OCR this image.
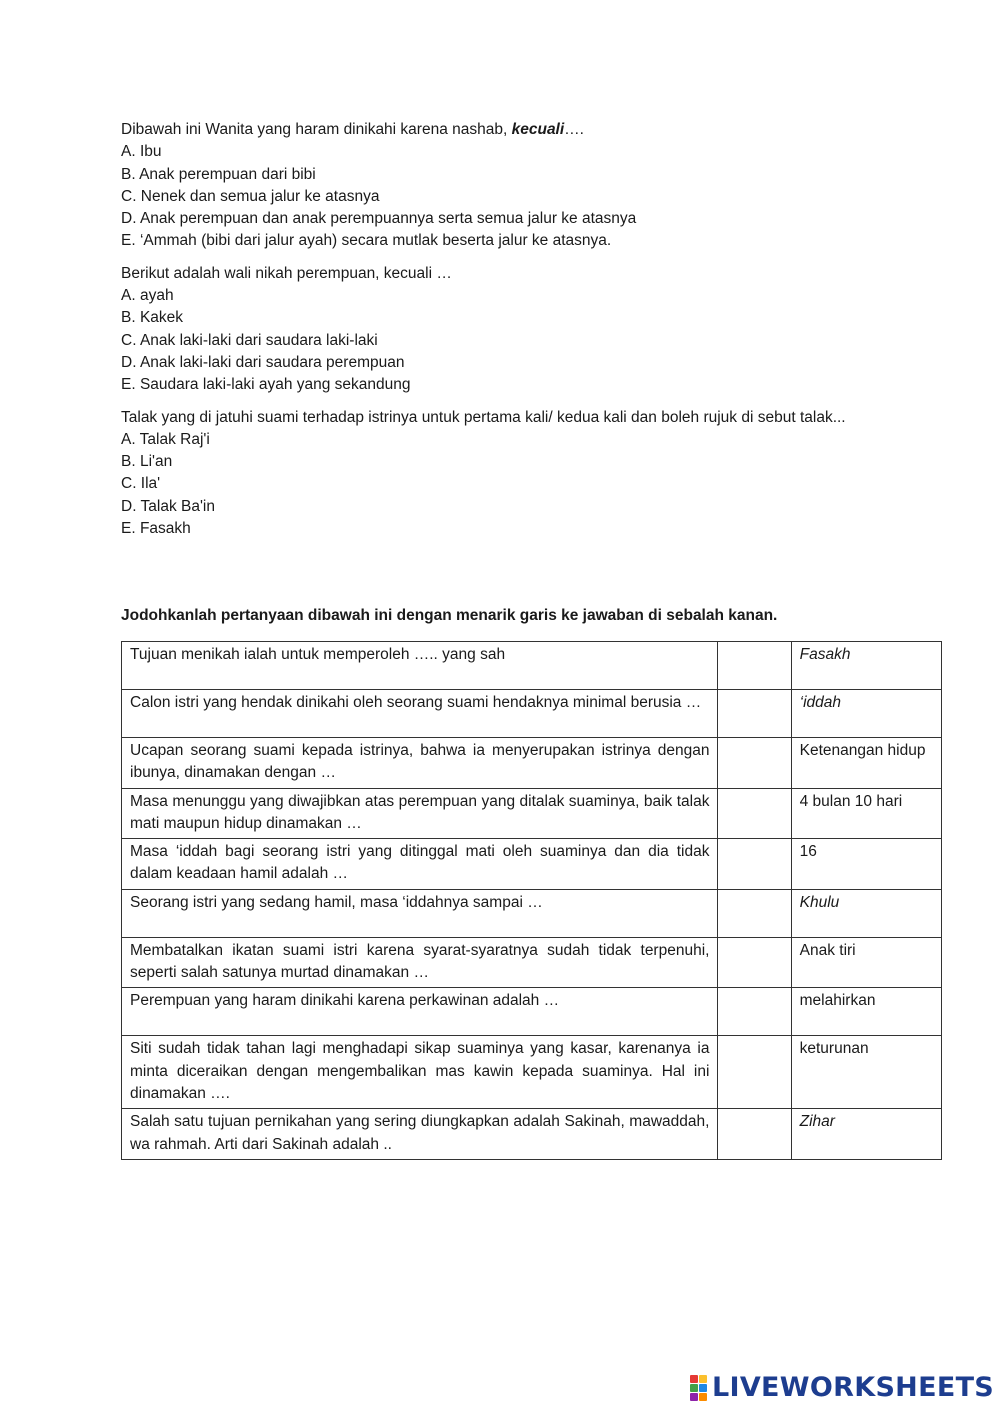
Dibawah ini Wanita yang haram dinikahi karena nashab, kecuali….
A. Ibu
B. Anak perempuan dari bibi
C. Nenek dan semua jalur ke atasnya
D. Anak perempuan dan anak perempuannya serta semua jalur ke atasnya
E. ‘Ammah (bibi dari jalur ayah) secara mutlak beserta jalur ke atasnya.
Berikut adalah wali nikah perempuan, kecuali …
A. ayah
B. Kakek
C. Anak laki-laki dari saudara laki-laki
D. Anak laki-laki dari saudara perempuan
E. Saudara laki-laki ayah yang sekandung
Talak yang di jatuhi suami terhadap istrinya untuk pertama kali/ kedua kali dan boleh rujuk di sebut talak...
A. Talak Raj'i
B. Li'an
C. Ila'
D. Talak Ba'in
E. Fasakh
Jodohkanlah pertanyaan dibawah ini dengan menarik garis ke jawaban di sebalah kanan.
Tujuan menikah ialah untuk memperoleh ….. yang sah		Fasakh
Calon istri yang hendak dinikahi oleh seorang suami hendaknya minimal berusia …		‘iddah
Ucapan seorang suami kepada istrinya, bahwa ia menyerupakan istrinya dengan ibunya, dinamakan dengan …		Ketenangan hidup
Masa menunggu yang diwajibkan atas perempuan yang ditalak suaminya, baik talak mati maupun hidup dinamakan …		4 bulan 10 hari
Masa ‘iddah bagi seorang istri yang ditinggal mati oleh suaminya dan dia tidak dalam keadaan hamil adalah …		16
Seorang istri yang sedang hamil, masa ‘iddahnya sampai …		Khulu
Membatalkan ikatan suami istri karena syarat-syaratnya sudah tidak terpenuhi, seperti salah satunya murtad dinamakan …		Anak tiri
Perempuan yang haram dinikahi karena perkawinan adalah …		melahirkan
Siti sudah tidak tahan lagi menghadapi sikap suaminya yang kasar, karenanya ia minta diceraikan dengan mengembalikan mas kawin kepada suaminya. Hal ini dinamakan ….		keturunan
Salah satu tujuan pernikahan yang sering diungkapkan adalah Sakinah, mawaddah, wa rahmah. Arti dari Sakinah adalah ..		Zihar
LIVEWORKSHEETS
